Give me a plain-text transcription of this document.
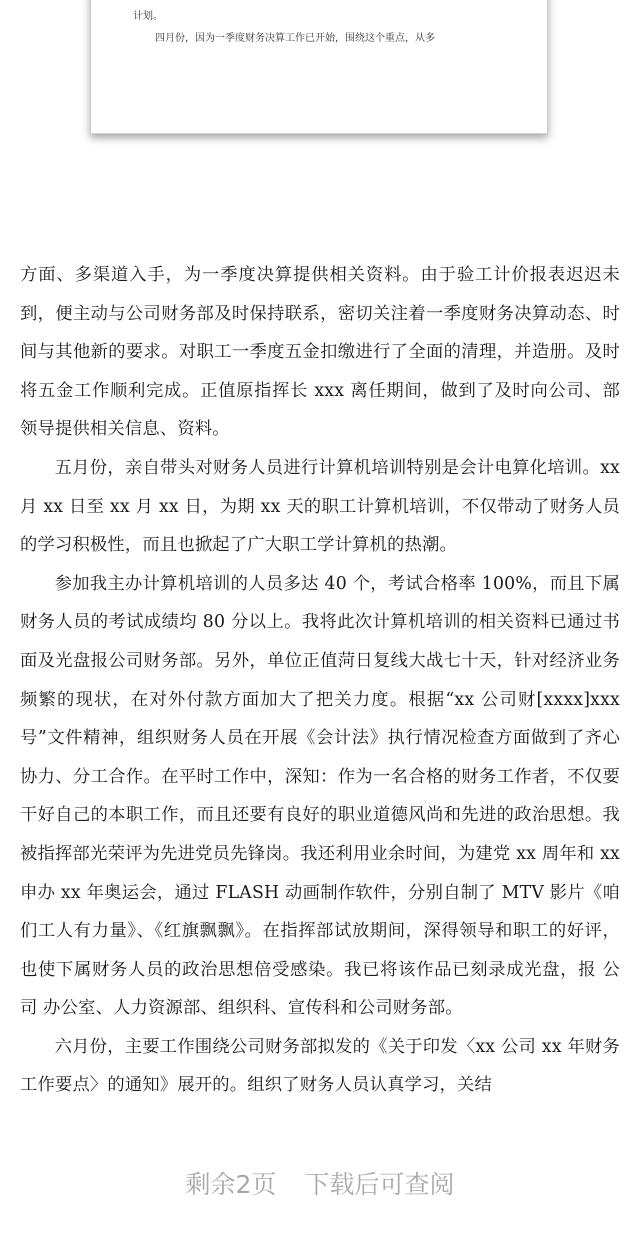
计划。
四月份，因为一季度财务决算工作已开始，围绕这个重点，从多

方面、多渠道入手，为一季度决算提供相关资料。由于验工计价报表迟迟未到，便主动与公司财务部及时保持联系，密切关注着一季度财务决算动态、时间与其他新的要求。对职工一季度五金扣缴进行了全面的清理，并造册。及时将五金工作顺利完成。正值原指挥长 xxx 离任期间，做到了及时向公司、部领导提供相关信息、资料。

五月份，亲自带头对财务人员进行计算机培训特别是会计电算化培训。xx 月 xx 日至 xx 月 xx 日，为期 xx 天的职工计算机培训，不仅带动了财务人员的学习积极性，而且也掀起了广大职工学计算机的热潮。

参加我主办计算机培训的人员多达 40 个，考试合格率 100%，而且下属财务人员的考试成绩均 80 分以上。我将此次计算机培训的相关资料已通过书面及光盘报公司财务部。另外，单位正值菏日复线大战七十天，针对经济业务频繁的现状，在对外付款方面加大了把关力度。根据“xx 公司财[xxxx]xxx 号”文件精神，组织财务人员在开展《会计法》执行情况检查方面做到了齐心协力、分工合作。在平时工作中，深知：作为一名合格的财务工作者，不仅要干好自己的本职工作，而且还要有良好的职业道德风尚和先进的政治思想。我被指挥部光荣评为先进党员先锋岗。我还利用业余时间，为建党 xx 周年和 xx 申办 xx 年奥运会，通过 FLASH 动画制作软件，分别自制了 MTV 影片《咱们工人有力量》、《红旗飘飘》。在指挥部试放期间，深得领导和职工的好评，也使下属财务人员的政治思想倍受感染。我已将该作品已刻录成光盘，报 公司 办公室、人力资源部、组织科、宣传科和公司财务部。

六月份，主要工作围绕公司财务部拟发的《关于印发〈xx 公司 xx 年财务工作要点〉的通知》展开的。组织了财务人员认真学习，关结

剩余2页 下载后可查阅
